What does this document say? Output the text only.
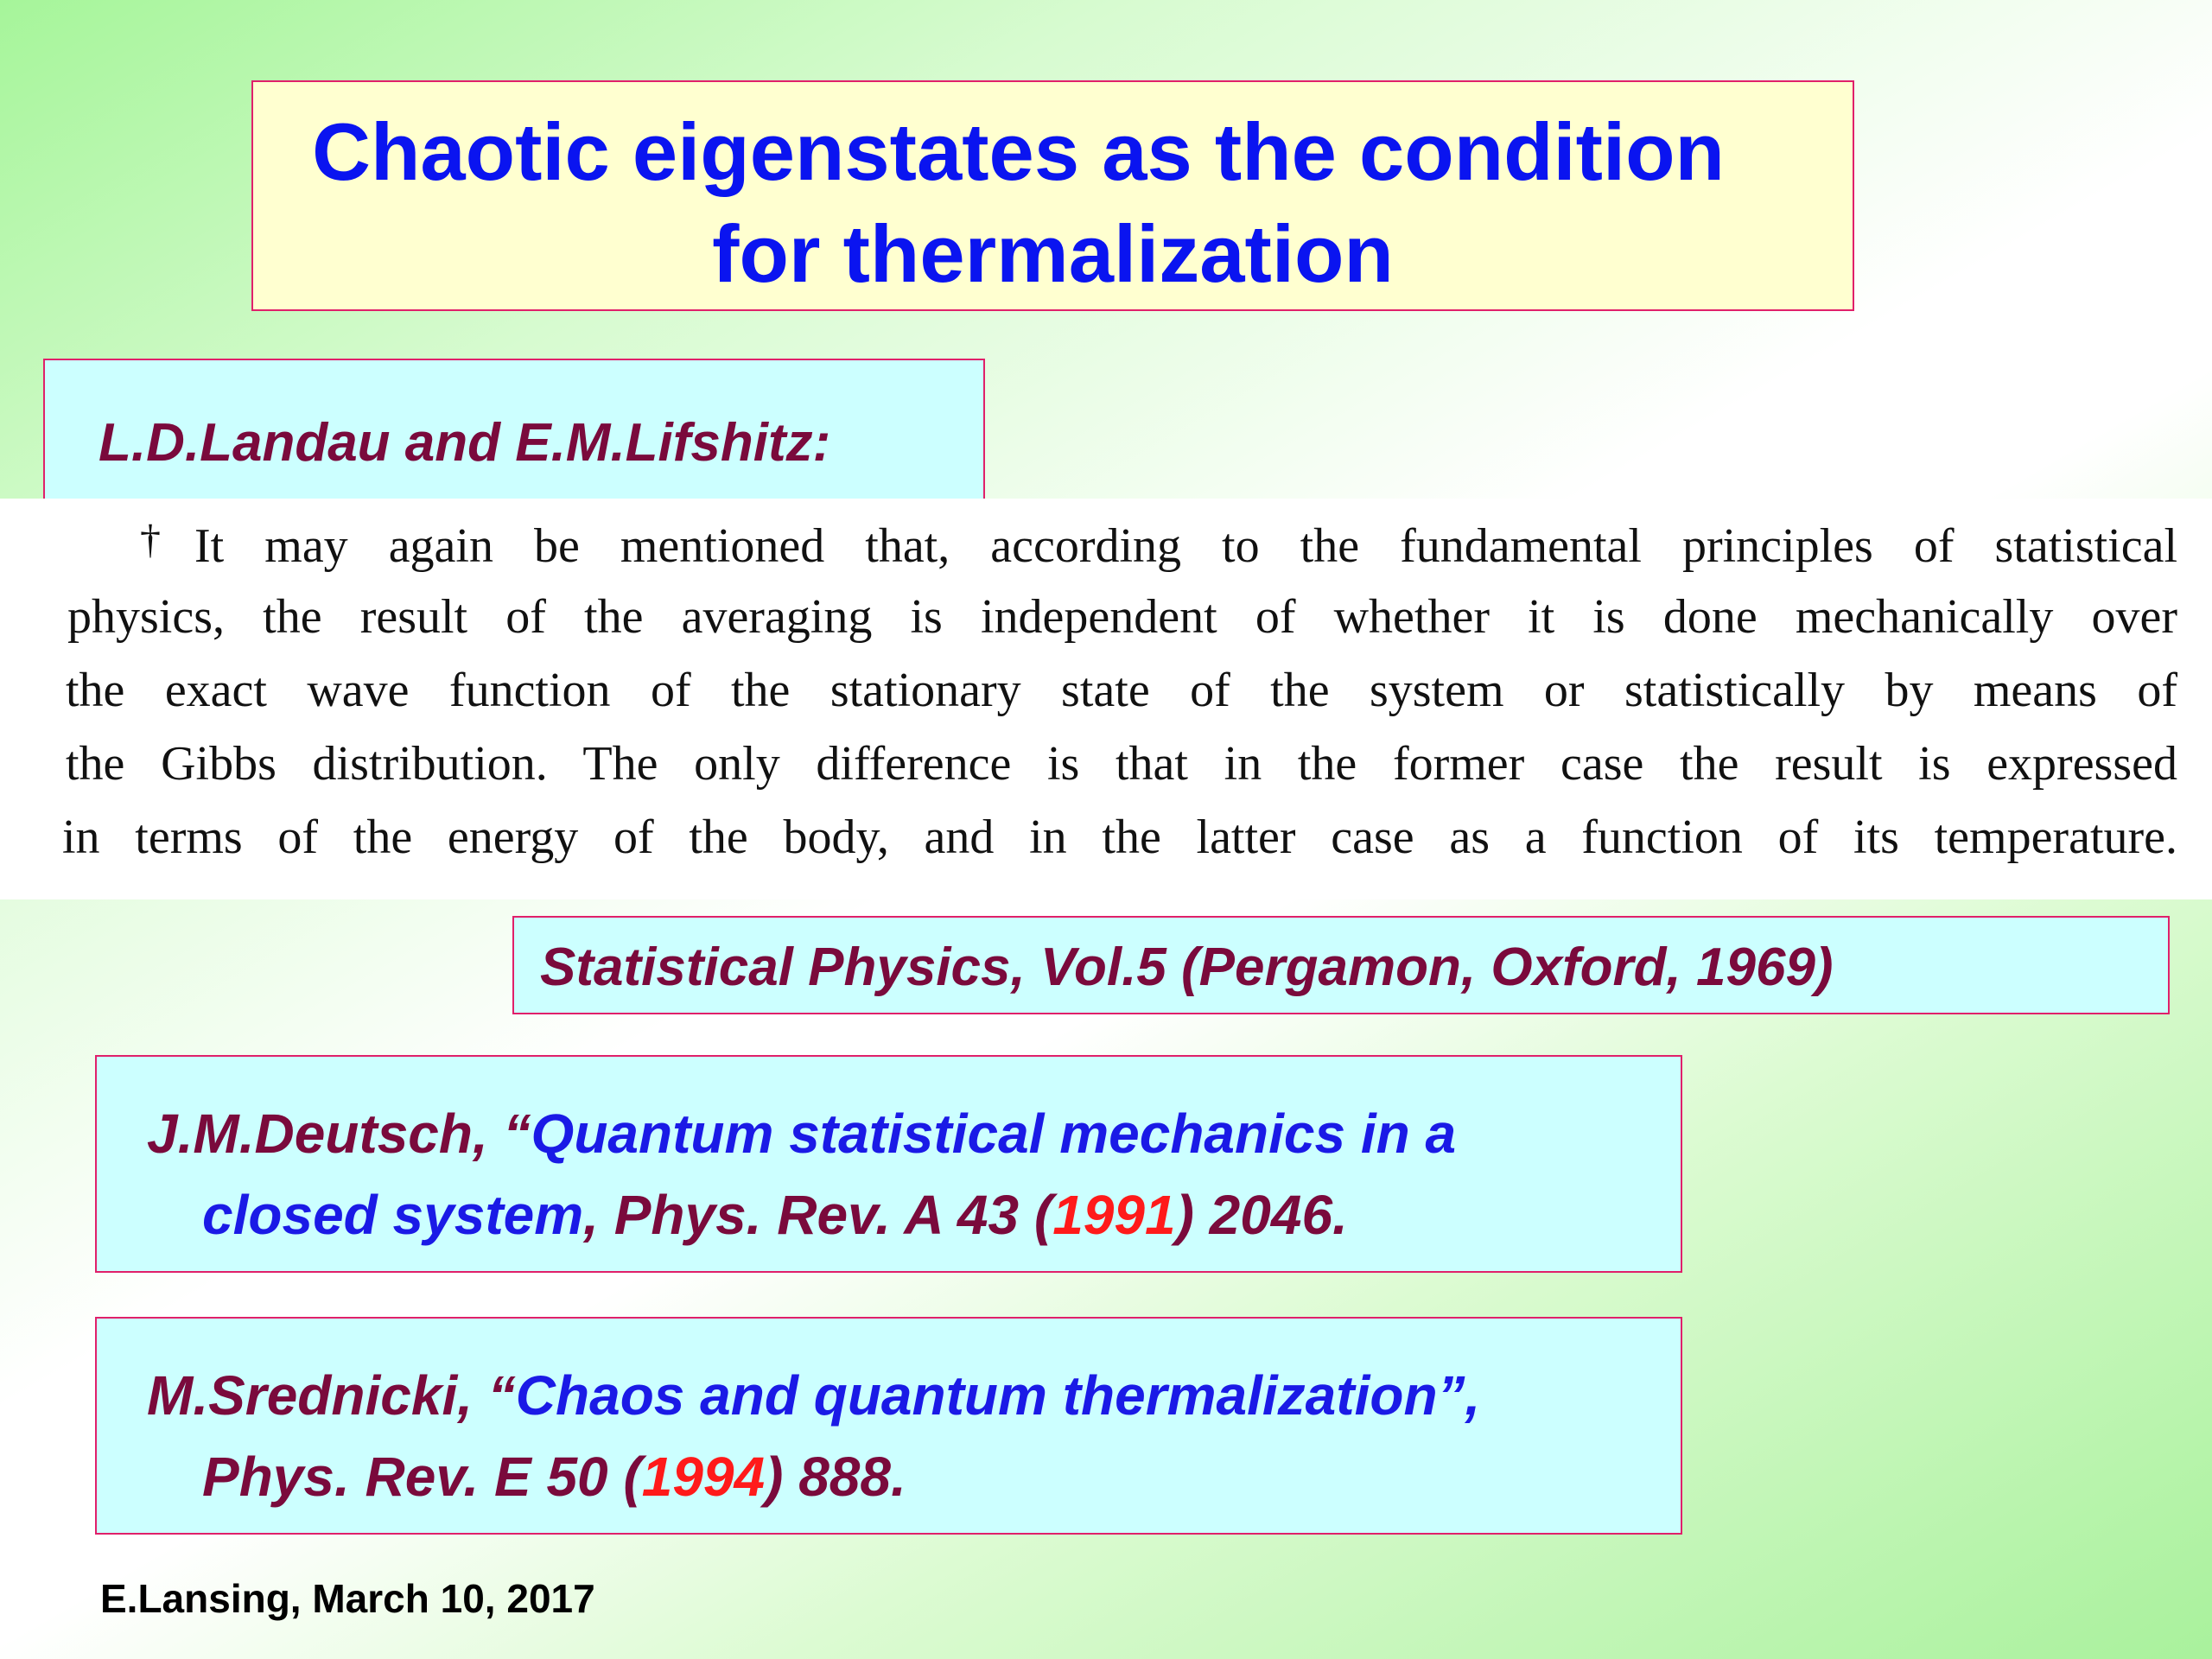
Chaotic eigenstates as the condition
for thermalization
L.D.Landau and E.M.Lifshitz:
† It may again be mentioned that, according to the fundamental principles of statistical
physics, the result of the averaging is independent of whether it is done mechanically over
the exact wave function of the stationary state of the system or statistically by means of
the Gibbs distribution. The only difference is that in the former case the result is expressed
in terms of the energy of the body, and in the latter case as a function of its temperature.
Statistical Physics, Vol.5 (Pergamon, Oxford, 1969)
J.M.Deutsch, “Quantum statistical mechanics in a
closed system, Phys. Rev. A 43 (1991) 2046.
M.Srednicki, “Chaos and quantum thermalization”,
Phys. Rev. E 50 (1994) 888.
E.Lansing, March 10, 2017
